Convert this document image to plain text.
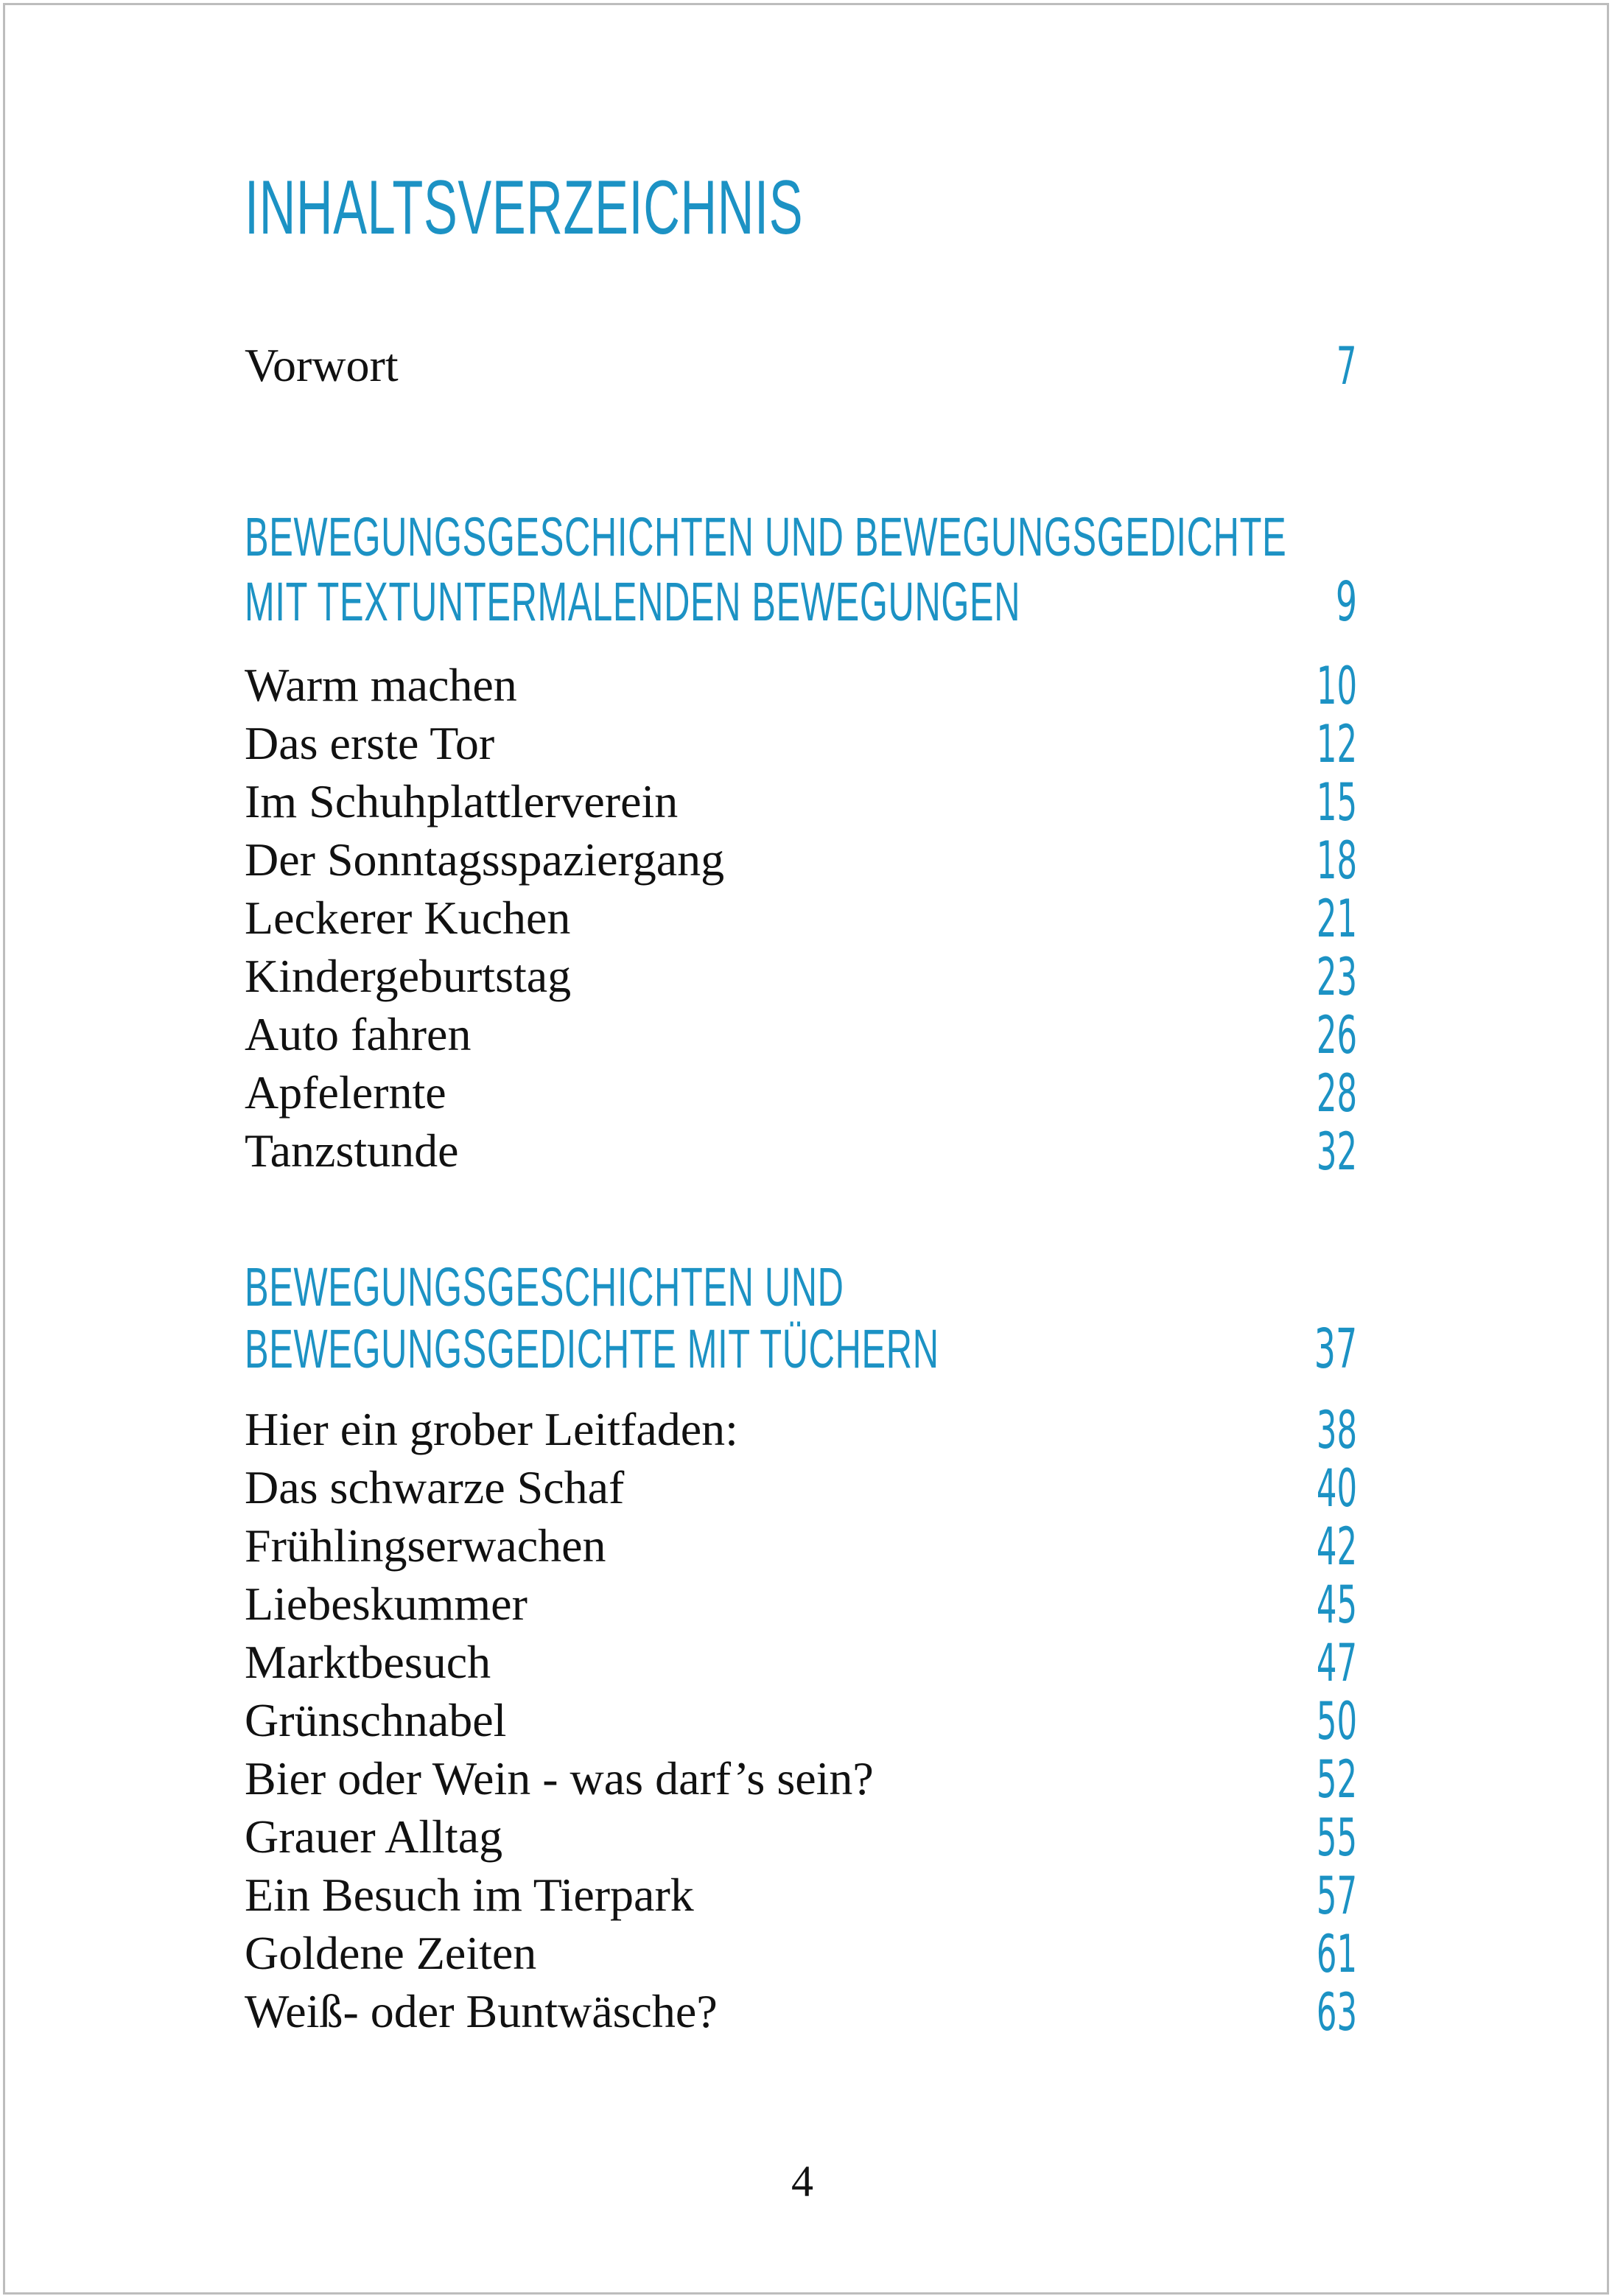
INHALTSVERZEICHNIS
Vorwort	7
BEWEGUNGSGESCHICHTEN UND BEWEGUNGSGEDICHTE
MIT TEXTUNTERMALENDEN BEWEGUNGEN	9
Warm machen	10
Das erste Tor	12
Im Schuhplattlerverein	15
Der Sonntagsspaziergang	18
Leckerer Kuchen	21
Kindergeburtstag	23
Auto fahren	26
Apfelernte	28
Tanzstunde	32
BEWEGUNGSGESCHICHTEN UND
BEWEGUNGSGEDICHTE MIT TÜCHERN	37
Hier ein grober Leitfaden:	38
Das schwarze Schaf	40
Frühlingserwachen	42
Liebeskummer	45
Marktbesuch	47
Grünschnabel	50
Bier oder Wein - was darf’s sein?	52
Grauer Alltag	55
Ein Besuch im Tierpark	57
Goldene Zeiten	61
Weiß- oder Buntwäsche?	63
4
